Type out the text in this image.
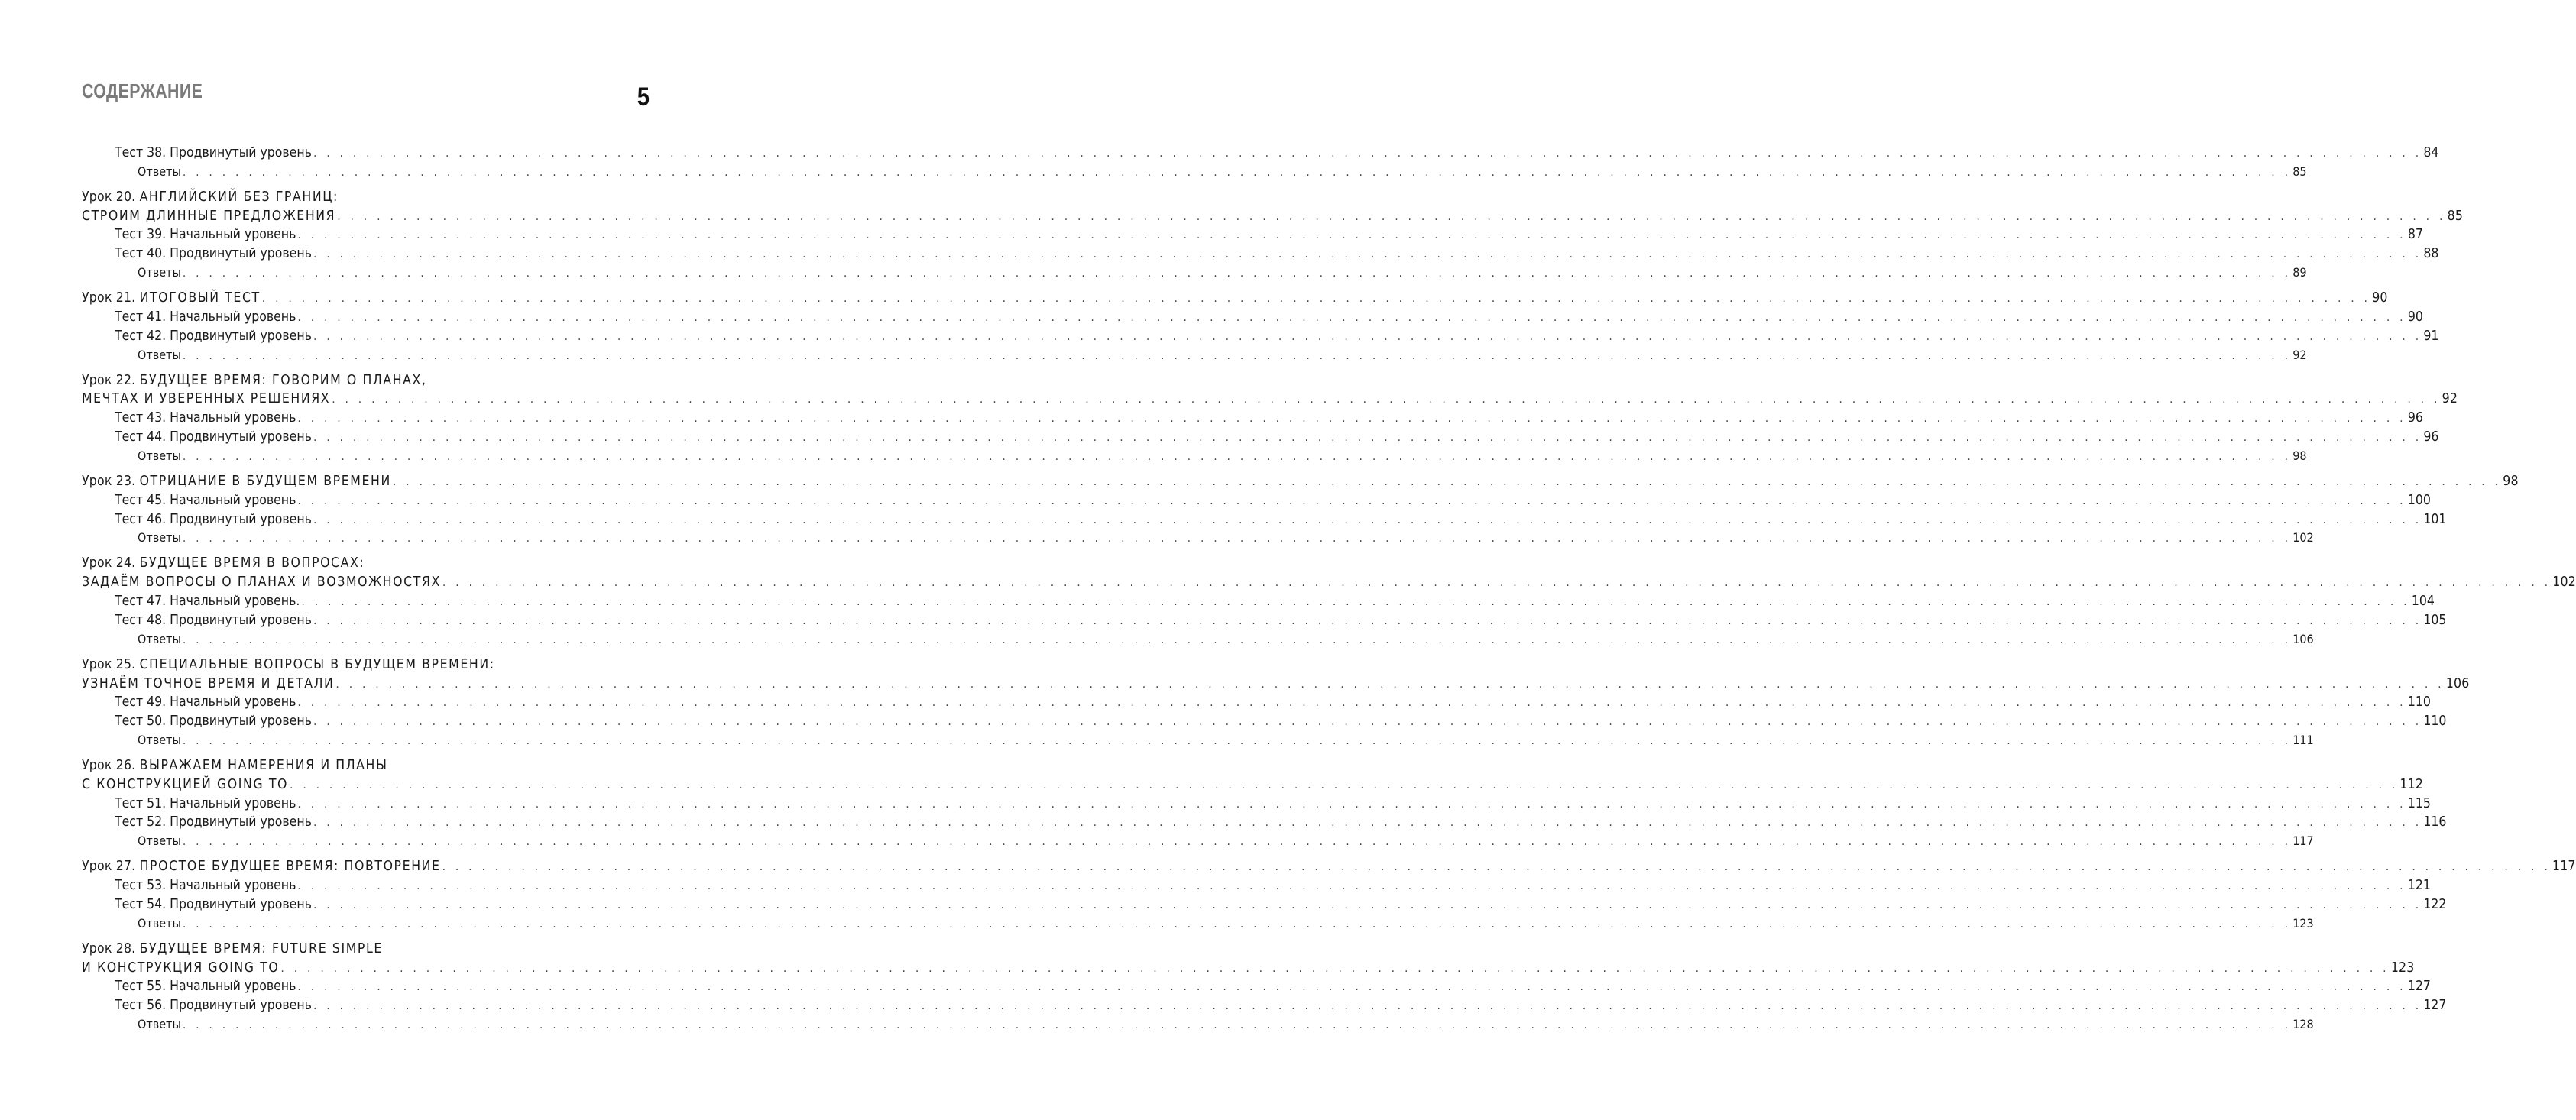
СОДЕРЖАНИЕ	5
Тест 38. Продвинутый уровень . . . . . . . . . . . . . . . . . . . . . . . . . . . . . . . . . . . . . . . . . . . . . . . . . . . . . . . . . . . . . . . . . . . . . . . . . . . . . . . . . . . . . . . . . . . . . . . . . . . . . . . . . . . . . . . . . . . . . . . . . . . . . . . . . . . . . . . . . . . . . . . . . . . . . . . . . . . . . . . . 84
Ответы . . . . . . . . . . . . . . . . . . . . . . . . . . . . . . . . . . . . . . . . . . . . . . . . . . . . . . . . . . . . . . . . . . . . . . . . . . . . . . . . . . . . . . . . . . . . . . . . . . . . . . . . . . . . . . . . . . . . . . . . . . . . . . . . . . . . . . . . . . . . . . . . . . . . . . . . . . . . . . . . 85
Урок 20. АНГЛИЙСКИЙ БЕЗ ГРАНИЦ:
СТРОИМ ДЛИННЫЕ ПРЕДЛОЖЕНИЯ . . . . . . . . . . . . . . . . . . . . . . . . . . . . . . . . . . . . . . . . . . . . . . . . . . . . . . . . . . . . . . . . . . . . . . . . . . . . . . . . . . . . . . . . . . . . . . . . . . . . . . . . . . . . . . . . . . . . . . . . . . . . . . . . . . . . . . . . . . . . . . . . . . . . . . . . . . . . . . . . 85
Тест 39. Начальный уровень . . . . . . . . . . . . . . . . . . . . . . . . . . . . . . . . . . . . . . . . . . . . . . . . . . . . . . . . . . . . . . . . . . . . . . . . . . . . . . . . . . . . . . . . . . . . . . . . . . . . . . . . . . . . . . . . . . . . . . . . . . . . . . . . . . . . . . . . . . . . . . . . . . . . . . . . . . . . . . . . 87
Тест 40. Продвинутый уровень . . . . . . . . . . . . . . . . . . . . . . . . . . . . . . . . . . . . . . . . . . . . . . . . . . . . . . . . . . . . . . . . . . . . . . . . . . . . . . . . . . . . . . . . . . . . . . . . . . . . . . . . . . . . . . . . . . . . . . . . . . . . . . . . . . . . . . . . . . . . . . . . . . . . . . . . . . . . . . . . 88
Ответы . . . . . . . . . . . . . . . . . . . . . . . . . . . . . . . . . . . . . . . . . . . . . . . . . . . . . . . . . . . . . . . . . . . . . . . . . . . . . . . . . . . . . . . . . . . . . . . . . . . . . . . . . . . . . . . . . . . . . . . . . . . . . . . . . . . . . . . . . . . . . . . . . . . . . . . . . . . . . . . . 89
Урок 21. ИТОГОВЫЙ ТЕСТ . . . . . . . . . . . . . . . . . . . . . . . . . . . . . . . . . . . . . . . . . . . . . . . . . . . . . . . . . . . . . . . . . . . . . . . . . . . . . . . . . . . . . . . . . . . . . . . . . . . . . . . . . . . . . . . . . . . . . . . . . . . . . . . . . . . . . . . . . . . . . . . . . . . . . . . . . . . . . . . . 90
Тест 41. Начальный уровень . . . . . . . . . . . . . . . . . . . . . . . . . . . . . . . . . . . . . . . . . . . . . . . . . . . . . . . . . . . . . . . . . . . . . . . . . . . . . . . . . . . . . . . . . . . . . . . . . . . . . . . . . . . . . . . . . . . . . . . . . . . . . . . . . . . . . . . . . . . . . . . . . . . . . . . . . . . . . . . . 90
Тест 42. Продвинутый уровень . . . . . . . . . . . . . . . . . . . . . . . . . . . . . . . . . . . . . . . . . . . . . . . . . . . . . . . . . . . . . . . . . . . . . . . . . . . . . . . . . . . . . . . . . . . . . . . . . . . . . . . . . . . . . . . . . . . . . . . . . . . . . . . . . . . . . . . . . . . . . . . . . . . . . . . . . . . . . . . . 91
Ответы . . . . . . . . . . . . . . . . . . . . . . . . . . . . . . . . . . . . . . . . . . . . . . . . . . . . . . . . . . . . . . . . . . . . . . . . . . . . . . . . . . . . . . . . . . . . . . . . . . . . . . . . . . . . . . . . . . . . . . . . . . . . . . . . . . . . . . . . . . . . . . . . . . . . . . . . . . . . . . . . 92
Урок 22. БУДУЩЕЕ ВРЕМЯ: ГОВОРИМ О ПЛАНАХ,
МЕЧТАХ И УВЕРЕННЫХ РЕШЕНИЯХ . . . . . . . . . . . . . . . . . . . . . . . . . . . . . . . . . . . . . . . . . . . . . . . . . . . . . . . . . . . . . . . . . . . . . . . . . . . . . . . . . . . . . . . . . . . . . . . . . . . . . . . . . . . . . . . . . . . . . . . . . . . . . . . . . . . . . . . . . . . . . . . . . . . . . . . . . . . . . . . . 92
Тест 43. Начальный уровень . . . . . . . . . . . . . . . . . . . . . . . . . . . . . . . . . . . . . . . . . . . . . . . . . . . . . . . . . . . . . . . . . . . . . . . . . . . . . . . . . . . . . . . . . . . . . . . . . . . . . . . . . . . . . . . . . . . . . . . . . . . . . . . . . . . . . . . . . . . . . . . . . . . . . . . . . . . . . . . . 96
Тест 44. Продвинутый уровень . . . . . . . . . . . . . . . . . . . . . . . . . . . . . . . . . . . . . . . . . . . . . . . . . . . . . . . . . . . . . . . . . . . . . . . . . . . . . . . . . . . . . . . . . . . . . . . . . . . . . . . . . . . . . . . . . . . . . . . . . . . . . . . . . . . . . . . . . . . . . . . . . . . . . . . . . . . . . . . . 96
Ответы . . . . . . . . . . . . . . . . . . . . . . . . . . . . . . . . . . . . . . . . . . . . . . . . . . . . . . . . . . . . . . . . . . . . . . . . . . . . . . . . . . . . . . . . . . . . . . . . . . . . . . . . . . . . . . . . . . . . . . . . . . . . . . . . . . . . . . . . . . . . . . . . . . . . . . . . . . . . . . . . 98
Урок 23. ОТРИЦАНИЕ В БУДУЩЕМ ВРЕМЕНИ . . . . . . . . . . . . . . . . . . . . . . . . . . . . . . . . . . . . . . . . . . . . . . . . . . . . . . . . . . . . . . . . . . . . . . . . . . . . . . . . . . . . . . . . . . . . . . . . . . . . . . . . . . . . . . . . . . . . . . . . . . . . . . . . . . . . . . . . . . . . . . . . . . . . . . . . . . . . . . . . 98
Тест 45. Начальный уровень . . . . . . . . . . . . . . . . . . . . . . . . . . . . . . . . . . . . . . . . . . . . . . . . . . . . . . . . . . . . . . . . . . . . . . . . . . . . . . . . . . . . . . . . . . . . . . . . . . . . . . . . . . . . . . . . . . . . . . . . . . . . . . . . . . . . . . . . . . . . . . . . . . . . . . . . . . . . . . . . 100
Тест 46. Продвинутый уровень . . . . . . . . . . . . . . . . . . . . . . . . . . . . . . . . . . . . . . . . . . . . . . . . . . . . . . . . . . . . . . . . . . . . . . . . . . . . . . . . . . . . . . . . . . . . . . . . . . . . . . . . . . . . . . . . . . . . . . . . . . . . . . . . . . . . . . . . . . . . . . . . . . . . . . . . . . . . . . . . 101
Ответы . . . . . . . . . . . . . . . . . . . . . . . . . . . . . . . . . . . . . . . . . . . . . . . . . . . . . . . . . . . . . . . . . . . . . . . . . . . . . . . . . . . . . . . . . . . . . . . . . . . . . . . . . . . . . . . . . . . . . . . . . . . . . . . . . . . . . . . . . . . . . . . . . . . . . . . . . . . . . . . . 102
Урок 24. БУДУЩЕЕ ВРЕМЯ В ВОПРОСАХ:
ЗАДАЁМ ВОПРОСЫ О ПЛАНАХ И ВОЗМОЖНОСТЯХ . . . . . . . . . . . . . . . . . . . . . . . . . . . . . . . . . . . . . . . . . . . . . . . . . . . . . . . . . . . . . . . . . . . . . . . . . . . . . . . . . . . . . . . . . . . . . . . . . . . . . . . . . . . . . . . . . . . . . . . . . . . . . . . . . . . . . . . . . . . . . . . . . . . . . . . . . . . . . . . . 102
Тест 47. Начальный уровень. . . . . . . . . . . . . . . . . . . . . . . . . . . . . . . . . . . . . . . . . . . . . . . . . . . . . . . . . . . . . . . . . . . . . . . . . . . . . . . . . . . . . . . . . . . . . . . . . . . . . . . . . . . . . . . . . . . . . . . . . . . . . . . . . . . . . . . . . . . . . . . . . . . . . . . . . . . . . . . . . 104
Тест 48. Продвинутый уровень . . . . . . . . . . . . . . . . . . . . . . . . . . . . . . . . . . . . . . . . . . . . . . . . . . . . . . . . . . . . . . . . . . . . . . . . . . . . . . . . . . . . . . . . . . . . . . . . . . . . . . . . . . . . . . . . . . . . . . . . . . . . . . . . . . . . . . . . . . . . . . . . . . . . . . . . . . . . . . . . 105
Ответы . . . . . . . . . . . . . . . . . . . . . . . . . . . . . . . . . . . . . . . . . . . . . . . . . . . . . . . . . . . . . . . . . . . . . . . . . . . . . . . . . . . . . . . . . . . . . . . . . . . . . . . . . . . . . . . . . . . . . . . . . . . . . . . . . . . . . . . . . . . . . . . . . . . . . . . . . . . . . . . . 106
Урок 25. СПЕЦИАЛЬНЫЕ ВОПРОСЫ В БУДУЩЕМ ВРЕМЕНИ:
УЗНАЁМ ТОЧНОЕ ВРЕМЯ И ДЕТАЛИ . . . . . . . . . . . . . . . . . . . . . . . . . . . . . . . . . . . . . . . . . . . . . . . . . . . . . . . . . . . . . . . . . . . . . . . . . . . . . . . . . . . . . . . . . . . . . . . . . . . . . . . . . . . . . . . . . . . . . . . . . . . . . . . . . . . . . . . . . . . . . . . . . . . . . . . . . . . . . . . . 106
Тест 49. Начальный уровень . . . . . . . . . . . . . . . . . . . . . . . . . . . . . . . . . . . . . . . . . . . . . . . . . . . . . . . . . . . . . . . . . . . . . . . . . . . . . . . . . . . . . . . . . . . . . . . . . . . . . . . . . . . . . . . . . . . . . . . . . . . . . . . . . . . . . . . . . . . . . . . . . . . . . . . . . . . . . . . . 110
Тест 50. Продвинутый уровень . . . . . . . . . . . . . . . . . . . . . . . . . . . . . . . . . . . . . . . . . . . . . . . . . . . . . . . . . . . . . . . . . . . . . . . . . . . . . . . . . . . . . . . . . . . . . . . . . . . . . . . . . . . . . . . . . . . . . . . . . . . . . . . . . . . . . . . . . . . . . . . . . . . . . . . . . . . . . . . . 110
Ответы . . . . . . . . . . . . . . . . . . . . . . . . . . . . . . . . . . . . . . . . . . . . . . . . . . . . . . . . . . . . . . . . . . . . . . . . . . . . . . . . . . . . . . . . . . . . . . . . . . . . . . . . . . . . . . . . . . . . . . . . . . . . . . . . . . . . . . . . . . . . . . . . . . . . . . . . . . . . . . . . 111
Урок 26. ВЫРАЖАЕМ НАМЕРЕНИЯ И ПЛАНЫ
С КОНСТРУКЦИЕЙ GOING TO . . . . . . . . . . . . . . . . . . . . . . . . . . . . . . . . . . . . . . . . . . . . . . . . . . . . . . . . . . . . . . . . . . . . . . . . . . . . . . . . . . . . . . . . . . . . . . . . . . . . . . . . . . . . . . . . . . . . . . . . . . . . . . . . . . . . . . . . . . . . . . . . . . . . . . . . . . . . . . . . 112
Тест 51. Начальный уровень . . . . . . . . . . . . . . . . . . . . . . . . . . . . . . . . . . . . . . . . . . . . . . . . . . . . . . . . . . . . . . . . . . . . . . . . . . . . . . . . . . . . . . . . . . . . . . . . . . . . . . . . . . . . . . . . . . . . . . . . . . . . . . . . . . . . . . . . . . . . . . . . . . . . . . . . . . . . . . . . 115
Тест 52. Продвинутый уровень . . . . . . . . . . . . . . . . . . . . . . . . . . . . . . . . . . . . . . . . . . . . . . . . . . . . . . . . . . . . . . . . . . . . . . . . . . . . . . . . . . . . . . . . . . . . . . . . . . . . . . . . . . . . . . . . . . . . . . . . . . . . . . . . . . . . . . . . . . . . . . . . . . . . . . . . . . . . . . . . 116
Ответы . . . . . . . . . . . . . . . . . . . . . . . . . . . . . . . . . . . . . . . . . . . . . . . . . . . . . . . . . . . . . . . . . . . . . . . . . . . . . . . . . . . . . . . . . . . . . . . . . . . . . . . . . . . . . . . . . . . . . . . . . . . . . . . . . . . . . . . . . . . . . . . . . . . . . . . . . . . . . . . . 117
Урок 27. ПРОСТОЕ БУДУЩЕЕ ВРЕМЯ: ПОВТОРЕНИЕ . . . . . . . . . . . . . . . . . . . . . . . . . . . . . . . . . . . . . . . . . . . . . . . . . . . . . . . . . . . . . . . . . . . . . . . . . . . . . . . . . . . . . . . . . . . . . . . . . . . . . . . . . . . . . . . . . . . . . . . . . . . . . . . . . . . . . . . . . . . . . . . . . . . . . . . . . . . . . . . . 117
Тест 53. Начальный уровень . . . . . . . . . . . . . . . . . . . . . . . . . . . . . . . . . . . . . . . . . . . . . . . . . . . . . . . . . . . . . . . . . . . . . . . . . . . . . . . . . . . . . . . . . . . . . . . . . . . . . . . . . . . . . . . . . . . . . . . . . . . . . . . . . . . . . . . . . . . . . . . . . . . . . . . . . . . . . . . . 121
Тест 54. Продвинутый уровень . . . . . . . . . . . . . . . . . . . . . . . . . . . . . . . . . . . . . . . . . . . . . . . . . . . . . . . . . . . . . . . . . . . . . . . . . . . . . . . . . . . . . . . . . . . . . . . . . . . . . . . . . . . . . . . . . . . . . . . . . . . . . . . . . . . . . . . . . . . . . . . . . . . . . . . . . . . . . . . . 122
Ответы . . . . . . . . . . . . . . . . . . . . . . . . . . . . . . . . . . . . . . . . . . . . . . . . . . . . . . . . . . . . . . . . . . . . . . . . . . . . . . . . . . . . . . . . . . . . . . . . . . . . . . . . . . . . . . . . . . . . . . . . . . . . . . . . . . . . . . . . . . . . . . . . . . . . . . . . . . . . . . . . 123
Урок 28. БУДУЩЕЕ ВРЕМЯ: FUTURE SIMPLE
И КОНСТРУКЦИЯ GOING TO . . . . . . . . . . . . . . . . . . . . . . . . . . . . . . . . . . . . . . . . . . . . . . . . . . . . . . . . . . . . . . . . . . . . . . . . . . . . . . . . . . . . . . . . . . . . . . . . . . . . . . . . . . . . . . . . . . . . . . . . . . . . . . . . . . . . . . . . . . . . . . . . . . . . . . . . . . . . . . . . 123
Тест 55. Начальный уровень . . . . . . . . . . . . . . . . . . . . . . . . . . . . . . . . . . . . . . . . . . . . . . . . . . . . . . . . . . . . . . . . . . . . . . . . . . . . . . . . . . . . . . . . . . . . . . . . . . . . . . . . . . . . . . . . . . . . . . . . . . . . . . . . . . . . . . . . . . . . . . . . . . . . . . . . . . . . . . . . 127
Тест 56. Продвинутый уровень . . . . . . . . . . . . . . . . . . . . . . . . . . . . . . . . . . . . . . . . . . . . . . . . . . . . . . . . . . . . . . . . . . . . . . . . . . . . . . . . . . . . . . . . . . . . . . . . . . . . . . . . . . . . . . . . . . . . . . . . . . . . . . . . . . . . . . . . . . . . . . . . . . . . . . . . . . . . . . . . 127
Ответы . . . . . . . . . . . . . . . . . . . . . . . . . . . . . . . . . . . . . . . . . . . . . . . . . . . . . . . . . . . . . . . . . . . . . . . . . . . . . . . . . . . . . . . . . . . . . . . . . . . . . . . . . . . . . . . . . . . . . . . . . . . . . . . . . . . . . . . . . . . . . . . . . . . . . . . . . . . . . . . . 128
